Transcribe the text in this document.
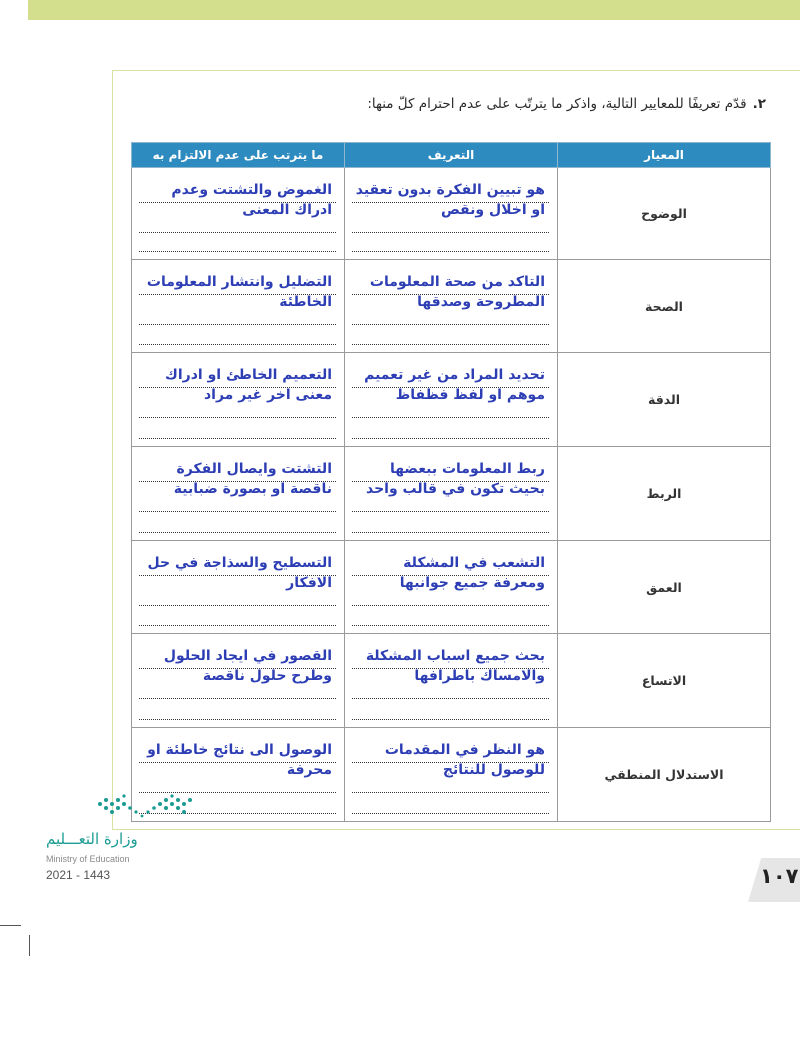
٢.قدّم تعريفًا للمعايير التالية، واذكر ما يترتّب على عدم احترام كلّ منها:
المعيار	التعريف	ما يترتب على عدم الالتزام به
الوضوح	هو تبيين الفكرة بدون تعقيد او اخلال ونقص	الغموض والتشتت وعدم ادراك المعنى

الصحة	التاكد من صحة المعلومات المطروحة وصدقها	التضليل وانتشار المعلومات الخاطئة

الدقة	تحديد المراد من غير تعميم موهم او لفظ فظفاظ	التعميم الخاطئ او ادراك معنى اخر غير مراد

الربط	ربط المعلومات ببعضها بحيث تكون في قالب واحد	التشتت وايصال الفكرة ناقصة او بصورة ضبابية

العمق	التشعب في المشكلة ومعرفة جميع جوانبها	التسطيح والسذاجة في حل الافكار

الاتساع	بحث جميع اسباب المشكلة والامساك باطرافها	القصور في ايجاد الحلول وطرح حلول ناقصة

الاستدلال المنطقي	هو النظر في المقدمات للوصول للنتائج	الوصول الى نتائج خاطئة او محرفة
وزارة التعـــليم
Ministry of Education
2021 - 1443	١٠٧
